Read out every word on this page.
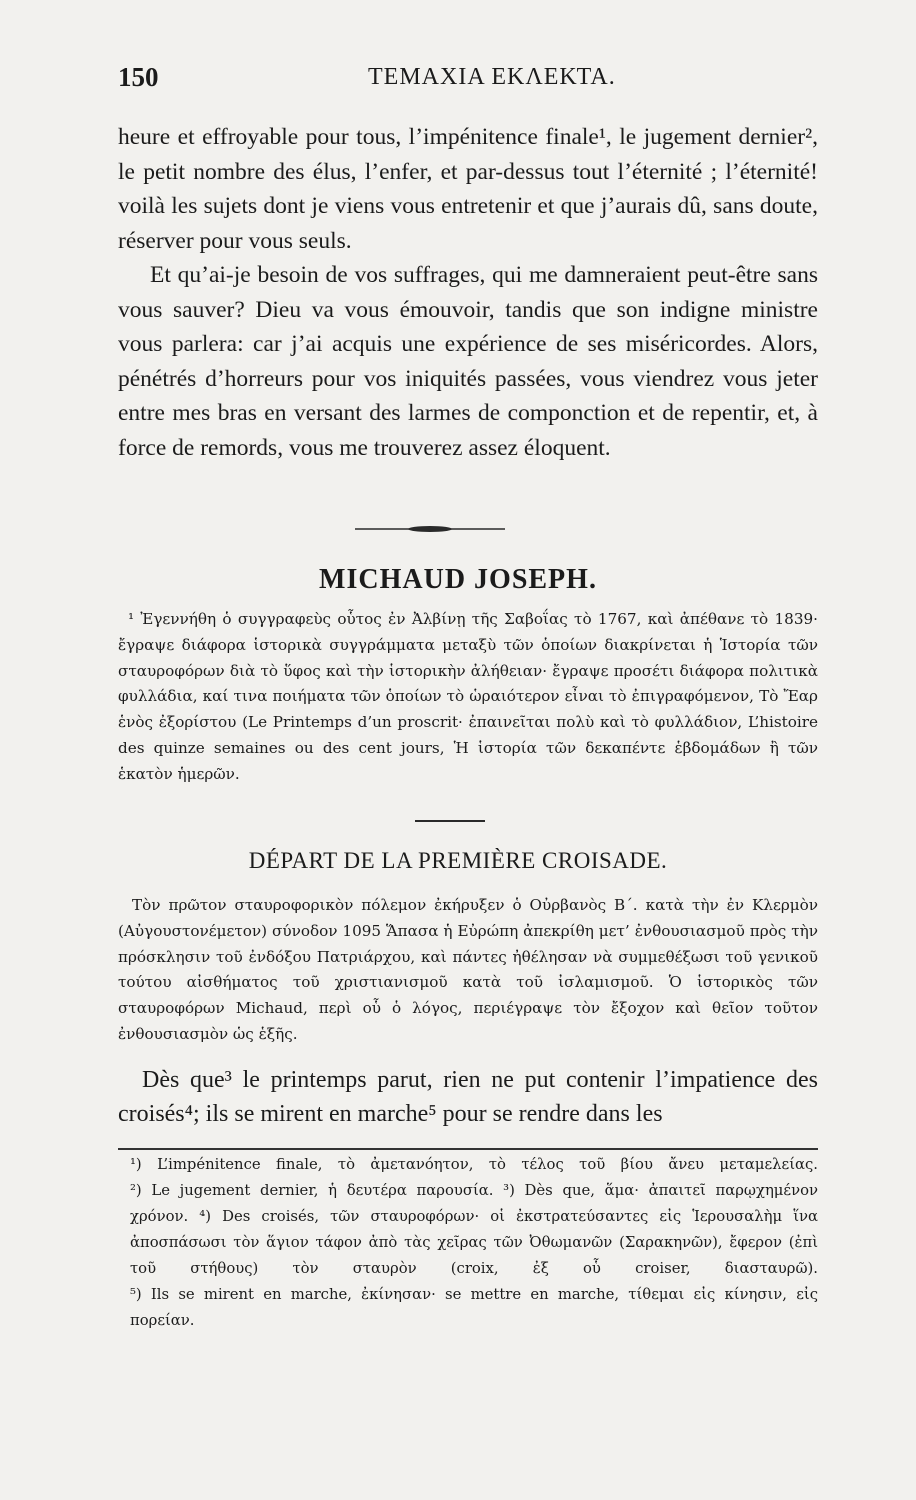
150	ΤΕΜΑΧΙΑ ΕΚΛΕΚΤΑ.

heure et effroyable pour tous, l’impénitence finale¹, le jugement dernier², le petit nombre des élus, l’enfer, et par-dessus tout l’éternité ; l’éternité! voilà les sujets dont je viens vous entretenir et que j’aurais dû, sans doute, réserver pour vous seuls.

Et qu’ai-je besoin de vos suffrages, qui me damneraient peut-être sans vous sauver? Dieu va vous émouvoir, tandis que son indigne ministre vous parlera: car j’ai acquis une expérience de ses miséricordes. Alors, pénétrés d’horreurs pour vos iniquités passées, vous viendrez vous jeter entre mes bras en versant des larmes de componction et de repentir, et, à force de remords, vous me trouverez assez éloquent.

MICHAUD JOSEPH.

¹ Ἐγεννήθη ὁ συγγραφεὺς οὗτος ἐν Ἀλβίνῃ τῆς Σαβοΐας τὸ 1767, καὶ ἀπέθανε τὸ 1839· ἔγραψε διάφορα ἱστορικὰ συγγράμματα μεταξὺ τῶν ὁποίων διακρίνεται ἡ Ἱστορία τῶν σταυροφόρων διὰ τὸ ὕφος καὶ τὴν ἱστορικὴν ἀλήθειαν· ἔγραψε προσέτι διάφορα πολιτικὰ φυλλάδια, καί τινα ποιήματα τῶν ὁποίων τὸ ὡραιότερον εἶναι τὸ ἐπιγραφόμενον, Τὸ Ἔαρ ἑνὸς ἐξορίστου (Le Printemps d’un proscrit· ἐπαινεῖται πολὺ καὶ τὸ φυλλάδιον, L’histoire des quinze semaines ou des cent jours, Ἡ ἱστορία τῶν δεκαπέντε ἑβδομάδων ἢ τῶν ἑκατὸν ἡμερῶν.

DÉPART DE LA PREMIÈRE CROISADE.

Τὸν πρῶτον σταυροφορικὸν πόλεμον ἐκήρυξεν ὁ Οὐρβανὸς Β΄. κατὰ τὴν ἐν Κλερμὸν (Αὐγουστονέμετον) σύνοδον 1095 Ἅπασα ἡ Εὐρώπη ἀπεκρίθη μετ’ ἐνθουσιασμοῦ πρὸς τὴν πρόσκλησιν τοῦ ἐνδόξου Πατριάρχου, καὶ πάντες ἠθέλησαν νὰ συμμεθέξωσι τοῦ γενικοῦ τούτου αἰσθήματος τοῦ χριστιανισμοῦ κατὰ τοῦ ἰσλαμισμοῦ. Ὁ ἱστορικὸς τῶν σταυροφόρων Michaud, περὶ οὗ ὁ λόγος, περιέγραψε τὸν ἔξοχον καὶ θεῖον τοῦτον ἐνθουσιασμὸν ὡς ἑξῆς.

Dès que³ le printemps parut, rien ne put contenir l’impatience des croisés⁴; ils se mirent en marche⁵ pour se rendre dans les

¹) L’impénitence finale, τὸ ἀμετανόητον, τὸ τέλος τοῦ βίου ἄνευ μεταμελείας.
²) Le jugement dernier, ἡ δευτέρα παρουσία. ³) Dès que, ἅμα· ἀπαιτεῖ παρῳχημένον χρόνον. ⁴) Des croisés, τῶν σταυροφόρων· οἱ ἐκστρατεύσαντες εἰς Ἱερουσαλὴμ ἵνα ἀποσπάσωσι τὸν ἅγιον τάφον ἀπὸ τὰς χεῖρας τῶν Ὀθωμανῶν (Σαρακηνῶν), ἔφερον (ἐπὶ τοῦ στήθους) τὸν σταυρὸν (croix, ἐξ οὗ croiser, διασταυρῶ).
⁵) Ils se mirent en marche, ἐκίνησαν· se mettre en marche, τίθεμαι εἰς κίνησιν, εἰς πορείαν.
